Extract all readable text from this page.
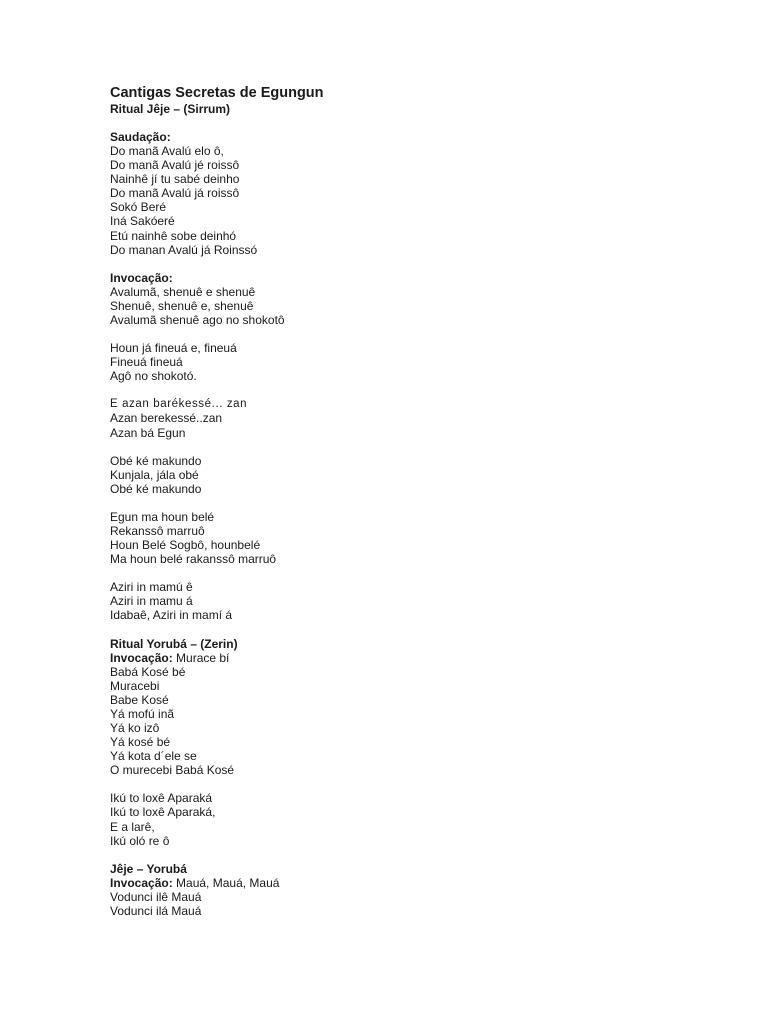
Cantigas Secretas de Egungun

Ritual Jêje – (Sirrum)

Saudação:

Do manã Avalú elo ô,

Do manã Avalú jé roissô

Nainhê jí tu sabé deinho

Do manã Avalú já roissô

Sokó Beré

Iná Sakóeré

Etú nainhê sobe deinhó

Do manan Avalú já Roinssó

Invocação:

Avalumã, shenuê e shenuê

Shenuê, shenuê e, shenuê

Avalumã shenuê ago no shokotô

Houn já fineuá e, fineuá

Fineuá fineuá

Agô no shokotó.

E azan barékessé... zan

Azan berekessé..zan

Azan bá Egun

Obé ké makundo

Kunjala, jála obé

Obé ké makundo

Egun ma houn belé

Rekanssô marruô

Houn Belé Sogbô, hounbelé

Ma houn belé rakanssô marruô

Aziri in mamú ê

Aziri in mamu á

Idabaê, Aziri in mamí á

Ritual Yorubá – (Zerin)

Invocação: Murace bí

Babá Kosé bé

Muracebi

Babe Kosé

Yá mofú inã

Yá ko izô

Yá kosé bé

Yá kota d´ele se

O murecebi Babá Kosé

Ikú to loxê Aparaká

Ikú to loxê Aparaká,

E a larê,

Ikú oló re ô

Jêje – Yorubá

Invocação: Mauá, Mauá, Mauá

Vodunci ilê Mauá

Vodunci ilá Mauá
